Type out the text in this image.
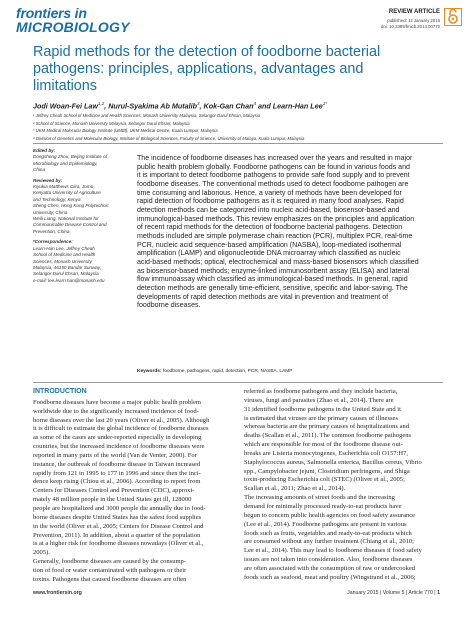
frontiers in
MICROBIOLOGY
REVIEW ARTICLE
published: 12 January 2015
doi: 10.3389/fmicb.2014.00770
Rapid methods for the detection of foodborne bacterial
pathogens: principles, applications, advantages and
limitations
Jodi Woan-Fei Law$^{1,2}$, Nurul-Syakima Ab Mutalib$^3$, Kok-Gan Chan$^4$ and Learn-Han Lee$^{1*}$
¹ Jeffrey Cheah School of Medicine and Health Sciences, Monash University Malaysia, Selangor Darul Ehsan, Malaysia
² School of Science, Monash University Malaysia, Selangor Darul Ehsan, Malaysia
³ UKM Medical Molecular Biology Institute (UMBI), UKM Medical Centre, Kuala Lumpur, Malaysia
⁴ Division of Genetics and Molecular Biology, Institute of Biological Sciences, Faculty of Science, University of Malaya, Kuala Lumpur, Malaysia
Edited by:
Dongsheng Zhou, Beijing Institute of
Microbiology and Epidemiology,
China
Reviewed by:
Kiyukia Matthews Ciira, Jomo
Kenyatta University of Agriculture
and Technology, Kenya
Sheng Chen, Hong Kong Polytechnic
University, China
Weili Liang, National Institute for
Communicable Disease Control and
Prevention, China
*Correspondence:
Learn-Han Lee, Jeffrey Cheah
School of Medicine and Health
Sciences, Monash University
Malaysia, 46150 Bandar Sunway,
Selangor Darul Ehsan, Malaysia
e-mail: lee.learn.han@monash.edu
The incidence of foodborne diseases has increased over the years and resulted in major
public health problem globally. Foodborne pathogens can be found in various foods and
it is important to detect foodborne pathogens to provide safe food supply and to prevent
foodborne diseases. The conventional methods used to detect foodborne pathogen are
time consuming and laborious. Hence, a variety of methods have been developed for
rapid detection of foodborne pathogens as it is required in many food analyses. Rapid
detection methods can be categorized into nucleic acid-based, biosensor-based and
immunological-based methods. This review emphasizes on the principles and application
of recent rapid methods for the detection of foodborne bacterial pathogens. Detection
methods included are simple polymerase chain reaction (PCR), multiplex PCR, real-time
PCR, nucleic acid sequence-based amplification (NASBA), loop-mediated isothermal
amplification (LAMP) and oligonucleotide DNA microarray which classified as nucleic
acid-based methods; optical, electrochemical and mass-based biosensors which classified
as biosensor-based methods; enzyme-linked immunosorbent assay (ELISA) and lateral
flow immunoassay which classified as immunological-based methods. In general, rapid
detection methods are generally time-efficient, sensitive, specific and labor-saving. The
developments of rapid detection methods are vital in prevention and treatment of
foodborne diseases.
Keywords: foodborne, pathogens, rapid, detection, PCR, NASBA, LAMP
INTRODUCTION
Foodborne diseases have become a major public health problem
worldwide due to the significantly increased incidence of food-
borne diseases over the last 20 years (Oliver et al., 2005). Although
it is difficult to estimate the global incidence of foodborne diseases
as some of the cases are under-reported especially in developing
countries, but the increased incidence of foodborne diseases were
reported in many parts of the world (Van de Venter, 2000). For
instance, the outbreak of foodborne disease in Taiwan increased
rapidly from 121 in 1995 to 177 in 1996 and since then the inci-
dence keep rising (Chiou et al., 2006). According to report from
Centers for Diseases Control and Prevention (CDC), approxi-
mately 48 million people in the United States get ill, 128000
people are hospitalized and 3000 people die annually due to food-
borne diseases despite United States has the safest food supplies
in the world (Oliver et al., 2005; Centers for Disease Control and
Prevention, 2011). In addition, about a quarter of the population
is at a higher risk for foodborne diseases nowadays (Oliver et al.,
2005).
Generally, foodborne diseases are caused by the consump-
tion of food or water contaminated with pathogens or their
toxins. Pathogens that caused foodborne diseases are often
referred as foodborne pathogens and they include bacteria,
viruses, fungi and parasites (Zhao et al., 2014). There are
31 identified foodborne pathogens in the United State and it
is estimated that viruses are the primary causes of illnesses
whereas bacteria are the primary causes of hospitalizations and
deaths (Scallan et al., 2011). The common foodborne pathogens
which are responsible for most of the foodborne disease out-
breaks are Listeria monocytogenes, Escherichia coli O157:H7,
Staphylococcus aureus, Salmonella enterica, Bacillus cereus, Vibrio
spp., Campylobacter jejuni, Clostridium perfringens, and Shiga
toxin-producing Escherichia coli (STEC) (Oliver et al., 2005;
Scallan et al., 2011; Zhao et al., 2014).
The increasing amounts of street foods and the increasing
demand for minimally processed ready-to-eat products have
begun to concern public health agencies on food safety assurance
(Lee et al., 2014). Foodborne pathogens are present in various
foods such as fruits, vegetables and ready-to-eat products which
are consumed without any further treatment (Chiang et al., 2010;
Lee et al., 2014). This may lead to foodborne diseases if food safety
issues are not taken into consideration. Also, foodborne diseases
are often associated with the consumption of raw or undercooked
foods such as seafood, meat and poultry (Wingstrand et al., 2006;
www.frontiersin.org	January 2015 | Volume 5 | Article 770 | 1
